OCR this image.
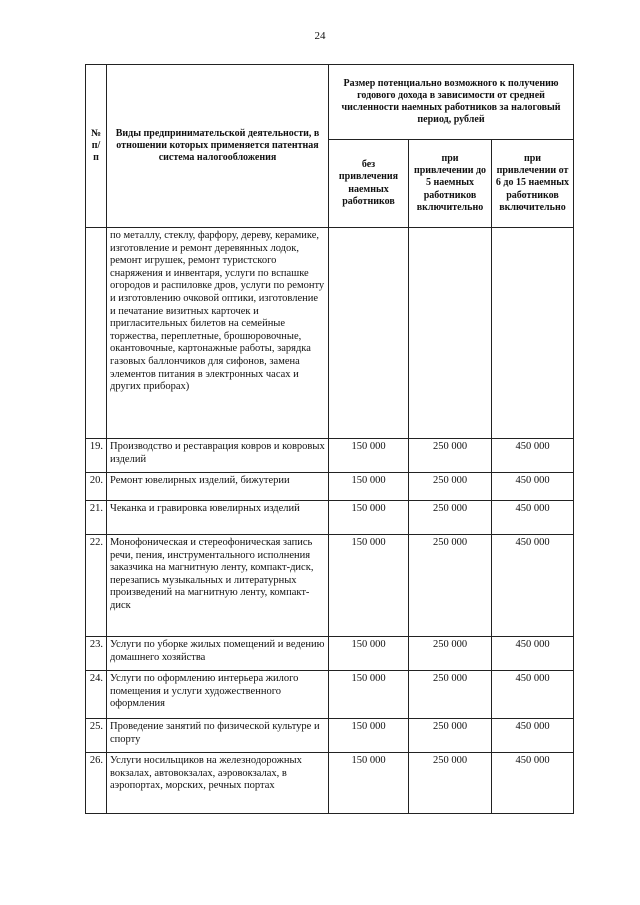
24
№ п/п	Виды предпринимательской деятельности, в отношении которых применяется патентная система налогообложения	Размер потенциально возможного к получению годового дохода в зависимости от средней численности наемных работников за налоговый период, рублей		
		без привлечения наемных работников	при привлечении до 5 наемных работников включительно	при привлечении от 6 до 15 наемных работников включительно
	по металлу, стеклу, фарфору, дереву, керамике, изготовление и ремонт деревянных лодок, ремонт игрушек, ремонт туристского снаряжения и инвентаря, услуги по вспашке огородов и распиловке дров, услуги по ремонту и изготовлению очковой оптики, изготовление и печатание визитных карточек и пригласительных билетов на семейные торжества, переплетные, брошюровочные, окантовочные, картонажные работы, зарядка газовых баллончиков для сифонов, замена элементов питания в электронных часах и других приборах)			
19.	Производство и реставрация ковров и ковровых изделий	150 000	250 000	450 000
20.	Ремонт ювелирных изделий, бижутерии	150 000	250 000	450 000
21.	Чеканка и гравировка ювелирных изделий	150 000	250 000	450 000
22.	Монофоническая и стереофоническая запись речи, пения, инструментального исполнения заказчика на магнитную ленту, компакт-диск, перезапись музыкальных и литературных произведений на магнитную ленту, компакт-диск	150 000	250 000	450 000
23.	Услуги по уборке жилых помещений и ведению домашнего хозяйства	150 000	250 000	450 000
24.	Услуги по оформлению интерьера жилого помещения и услуги художественного оформления	150 000	250 000	450 000
25.	Проведение занятий по физической культуре и спорту	150 000	250 000	450 000
26.	Услуги носильщиков на железнодорожных вокзалах, автовокзалах, аэровокзалах, в аэропортах, морских, речных портах	150 000	250 000	450 000
